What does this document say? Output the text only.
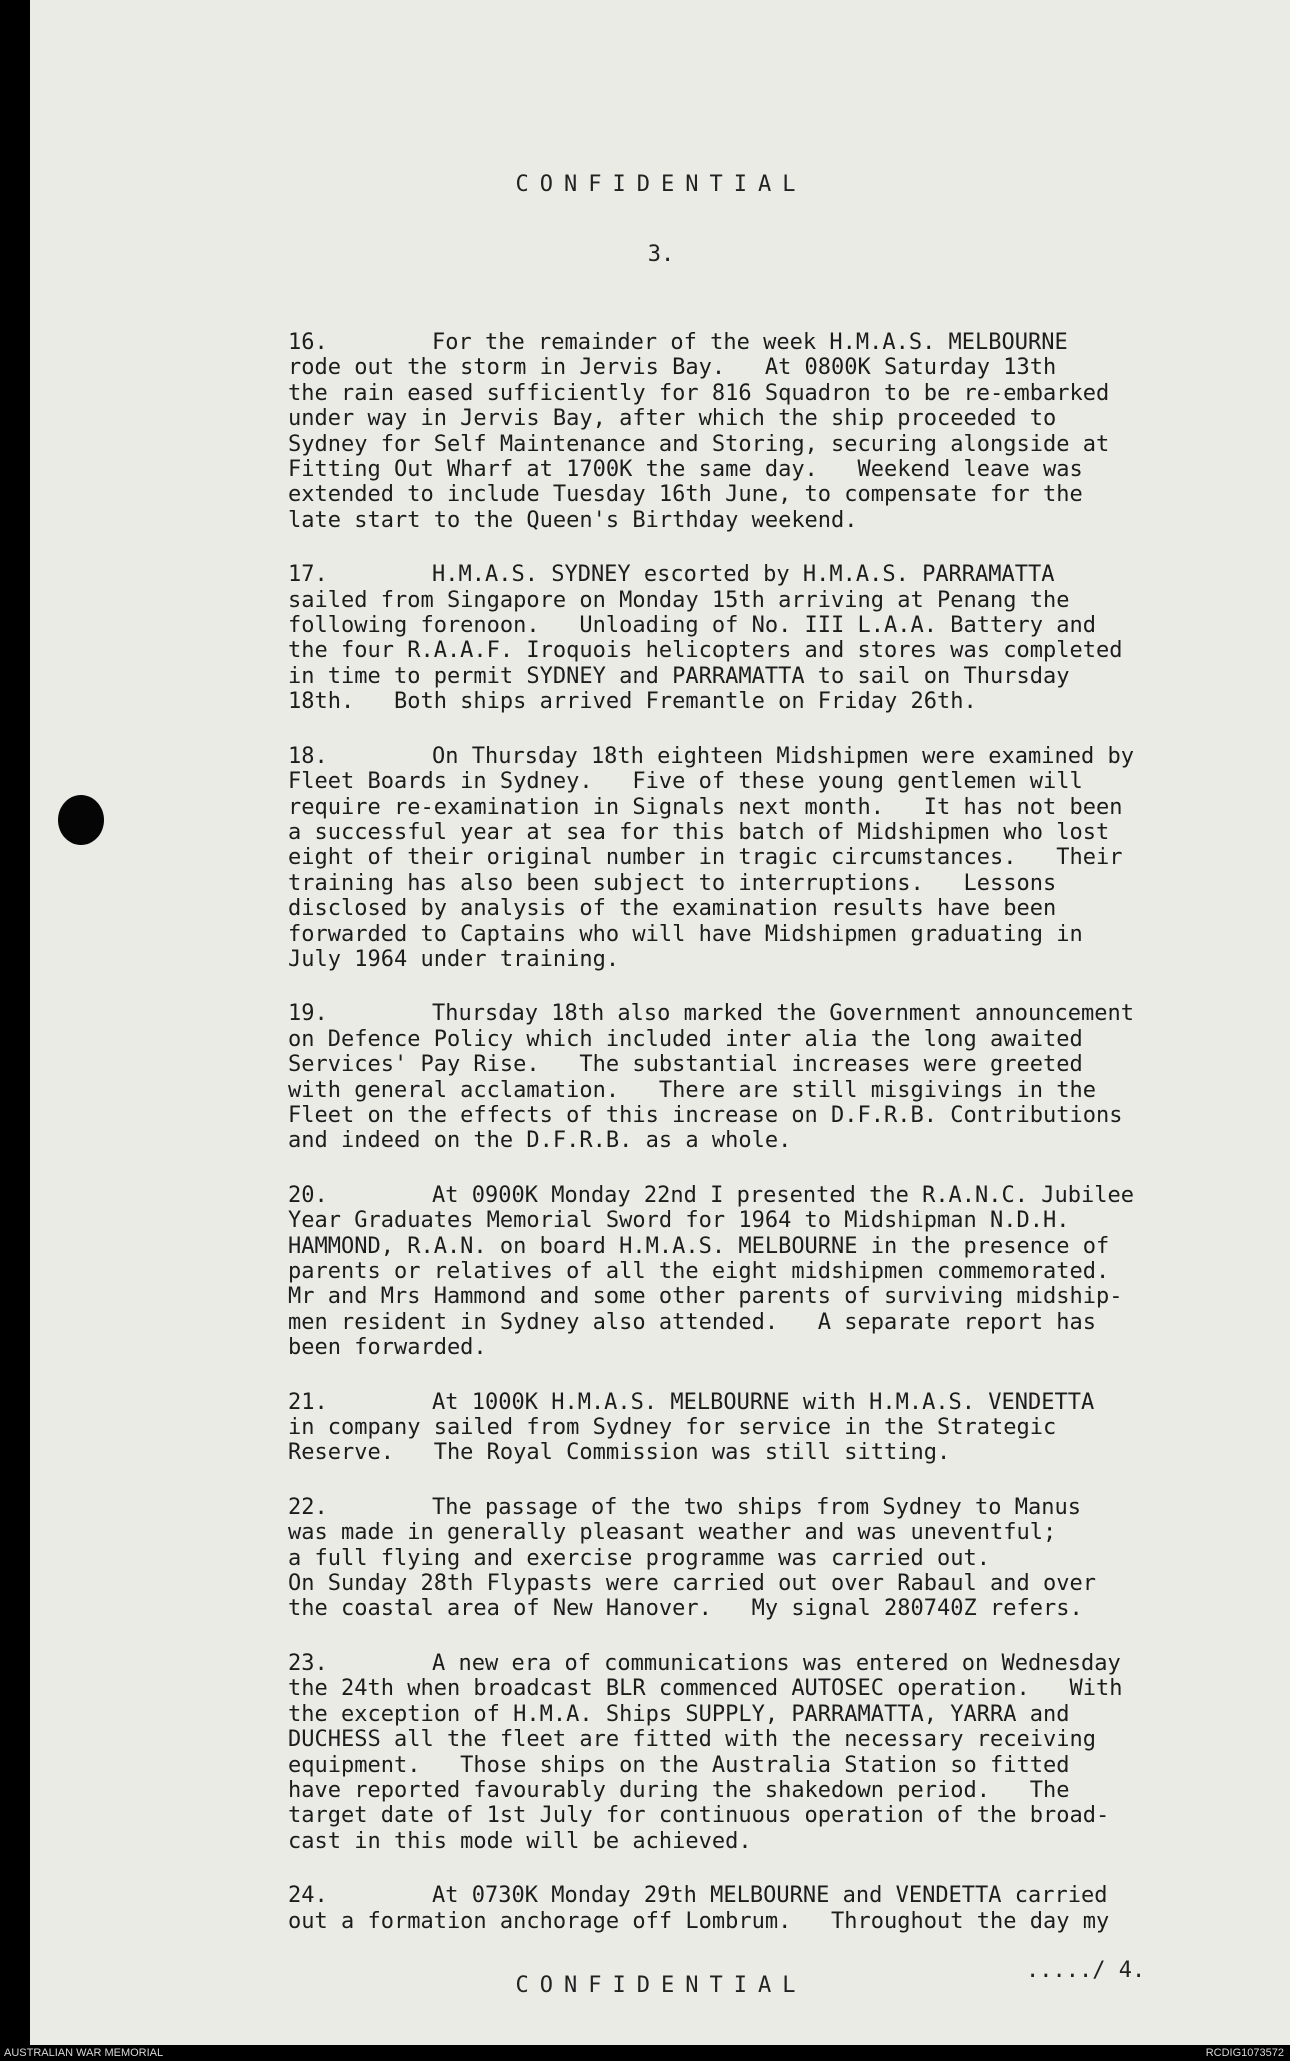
CONFIDENTIAL
3.
16.	For the remainder of the week H.M.A.S. MELBOURNE
rode out the storm in Jervis Bay.   At 0800K Saturday 13th
the rain eased sufficiently for 816 Squadron to be re-embarked
under way in Jervis Bay, after which the ship proceeded to
Sydney for Self Maintenance and Storing, securing alongside at
Fitting Out Wharf at 1700K the same day.   Weekend leave was
extended to include Tuesday 16th June, to compensate for the
late start to the Queen's Birthday weekend.
17.	H.M.A.S. SYDNEY escorted by H.M.A.S. PARRAMATTA
sailed from Singapore on Monday 15th arriving at Penang the
following forenoon.   Unloading of No. III L.A.A. Battery and
the four R.A.A.F. Iroquois helicopters and stores was completed
in time to permit SYDNEY and PARRAMATTA to sail on Thursday
18th.   Both ships arrived Fremantle on Friday 26th.
18.	On Thursday 18th eighteen Midshipmen were examined by
Fleet Boards in Sydney.   Five of these young gentlemen will
require re-examination in Signals next month.   It has not been
a successful year at sea for this batch of Midshipmen who lost
eight of their original number in tragic circumstances.   Their
training has also been subject to interruptions.   Lessons
disclosed by analysis of the examination results have been
forwarded to Captains who will have Midshipmen graduating in
July 1964 under training.
19.	Thursday 18th also marked the Government announcement
on Defence Policy which included inter alia the long awaited
Services' Pay Rise.   The substantial increases were greeted
with general acclamation.   There are still misgivings in the
Fleet on the effects of this increase on D.F.R.B. Contributions
and indeed on the D.F.R.B. as a whole.
20.	At 0900K Monday 22nd I presented the R.A.N.C. Jubilee
Year Graduates Memorial Sword for 1964 to Midshipman N.D.H.
HAMMOND, R.A.N. on board H.M.A.S. MELBOURNE in the presence of
parents or relatives of all the eight midshipmen commemorated.
Mr and Mrs Hammond and some other parents of surviving midship-
men resident in Sydney also attended.   A separate report has
been forwarded.
21.	At 1000K H.M.A.S. MELBOURNE with H.M.A.S. VENDETTA
in company sailed from Sydney for service in the Strategic
Reserve.   The Royal Commission was still sitting.
22.	The passage of the two ships from Sydney to Manus
was made in generally pleasant weather and was uneventful;
a full flying and exercise programme was carried out.
On Sunday 28th Flypasts were carried out over Rabaul and over
the coastal area of New Hanover.   My signal 280740Z refers.
23.	A new era of communications was entered on Wednesday
the 24th when broadcast BLR commenced AUTOSEC operation.   With
the exception of H.M.A. Ships SUPPLY, PARRAMATTA, YARRA and
DUCHESS all the fleet are fitted with the necessary receiving
equipment.   Those ships on the Australia Station so fitted
have reported favourably during the shakedown period.   The
target date of 1st July for continuous operation of the broad-
cast in this mode will be achieved.
24.	At 0730K Monday 29th MELBOURNE and VENDETTA carried
out a formation anchorage off Lombrum.   Throughout the day my
CONFIDENTIAL
...../ 4.
AUSTRALIAN WAR MEMORIAL	RCDIG1073572
